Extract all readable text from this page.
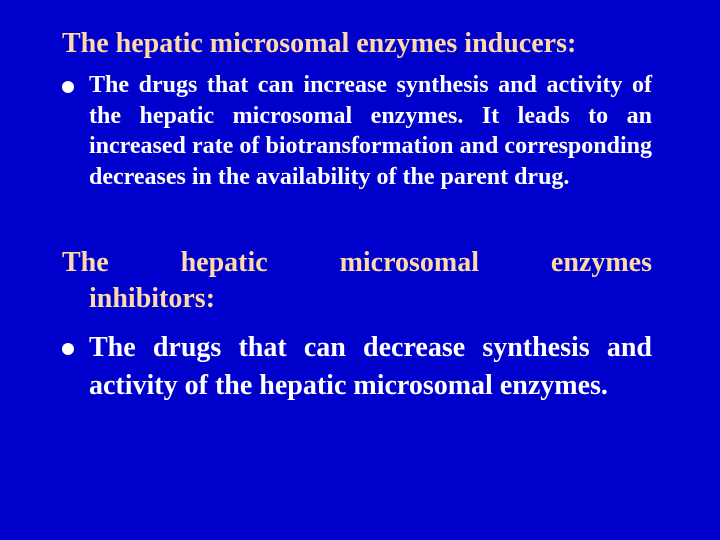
The hepatic microsomal enzymes inducers:
The drugs that can increase synthesis and activity of the hepatic microsomal enzymes. It leads to an increased rate of biotransformation and corresponding decreases in the availability of the parent drug.
The hepatic microsomal enzymes
inhibitors:
The drugs that can decrease synthesis and activity of the hepatic microsomal enzymes.
